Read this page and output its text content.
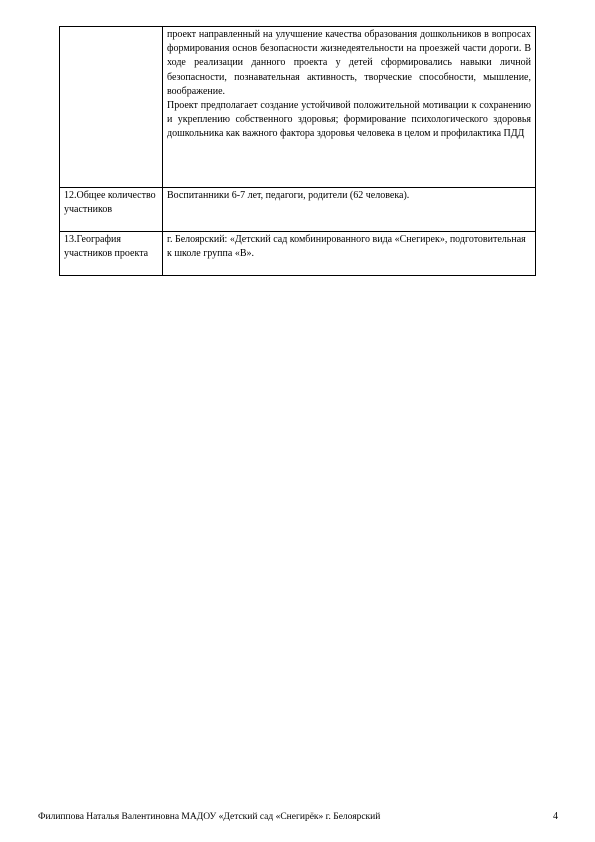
	проект направленный на улучшение качества образования дошкольников в вопросах формирования основ безопасности жизнедеятельности на проезжей части дороги. В ходе реализации данного проекта у детей сформировались навыки личной безопасности, познавательная активность, творческие способности, мышление, воображение.

Проект предполагает создание устойчивой положительной мотивации к сохранению и укреплению собственного здоровья; формирование психологического здоровья дошкольника как важного фактора здоровья человека в целом и профилактика ПДД

12.Общее количество участников	Воспитанники 6-7 лет, педагоги, родители (62 человека).

13.География участников проекта	г. Белоярский: «Детский сад комбинированного вида «Снегирек», подготовительная к школе группа «В».

Филиппова Наталья Валентиновна МАДОУ «Детский сад «Снегирёк» г. Белоярский	4
